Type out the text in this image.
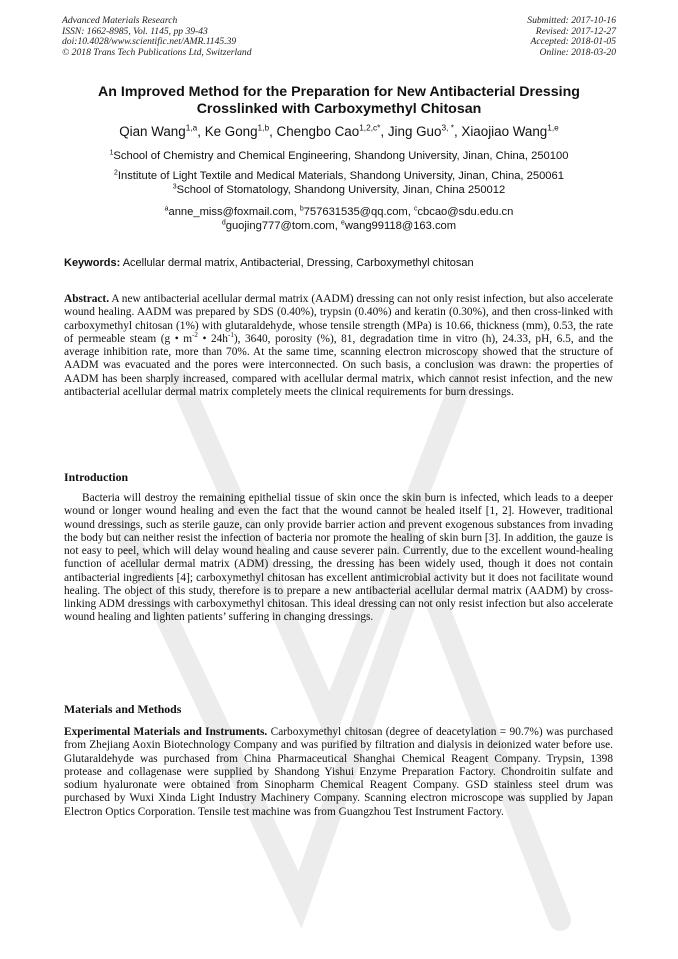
Advanced Materials Research
ISSN: 1662-8985, Vol. 1145, pp 39-43
doi:10.4028/www.scientific.net/AMR.1145.39
© 2018 Trans Tech Publications Ltd, Switzerland
Submitted: 2017-10-16
Revised: 2017-12-27
Accepted: 2018-01-05
Online: 2018-03-20
An Improved Method for the Preparation for New Antibacterial Dressing
Crosslinked with Carboxymethyl Chitosan
Qian Wang$^{1,a}$, Ke Gong$^{1,b}$, Chengbo Cao$^{1,2,c*}$, Jing Guo$^{3, *}$, Xiaojiao Wang$^{1,e}$
$^1$School of Chemistry and Chemical Engineering, Shandong University, Jinan, China, 250100
$^2$Institute of Light Textile and Medical Materials, Shandong University, Jinan, China, 250061
$^3$School of Stomatology, Shandong University, Jinan, China 250012
$^a$anne_miss@foxmail.com, $^b$757631535@qq.com, $^c$cbcao@sdu.edu.cn
$^d$guojing777@tom.com, $^e$wang99118@163.com
Keywords: Acellular dermal matrix, Antibacterial, Dressing, Carboxymethyl chitosan
Abstract. A new antibacterial acellular dermal matrix (AADM) dressing can not only resist infection, but also accelerate wound healing. AADM was prepared by SDS (0.40%), trypsin (0.40%) and keratin (0.30%), and then cross-linked with carboxymethyl chitosan (1%) with glutaraldehyde, whose tensile strength (MPa) is 10.66, thickness (mm), 0.53, the rate of permeable steam (g • $m^{-2}$ • $24h^{-1}$), 3640, porosity (%), 81, degradation time in vitro (h), 24.33, pH, 6.5, and the average inhibition rate, more than 70%. At the same time, scanning electron microscopy showed that the structure of AADM was evacuated and the pores were interconnected. On such basis, a conclusion was drawn: the properties of AADM has been sharply increased, compared with acellular dermal matrix, which cannot resist infection, and the new antibacterial acellular dermal matrix completely meets the clinical requirements for burn dressings.
Introduction
Bacteria will destroy the remaining epithelial tissue of skin once the skin burn is infected, which leads to a deeper wound or longer wound healing and even the fact that the wound cannot be healed itself [1, 2]. However, traditional wound dressings, such as sterile gauze, can only provide barrier action and prevent exogenous substances from invading the body but can neither resist the infection of bacteria nor promote the healing of skin burn [3]. In addition, the gauze is not easy to peel, which will delay wound healing and cause severer pain. Currently, due to the excellent wound-healing function of acellular dermal matrix (ADM) dressing, the dressing has been widely used, though it does not contain antibacterial ingredients [4]; carboxymethyl chitosan has excellent antimicrobial activity but it does not facilitate wound healing. The object of this study, therefore is to prepare a new antibacterial acellular dermal matrix (AADM) by cross-linking ADM dressings with carboxymethyl chitosan. This ideal dressing can not only resist infection but also accelerate wound healing and lighten patients’ suffering in changing dressings.
Materials and Methods
Experimental Materials and Instruments. Carboxymethyl chitosan (degree of deacetylation = 90.7%) was purchased from Zhejiang Aoxin Biotechnology Company and was purified by filtration and dialysis in deionized water before use. Glutaraldehyde was purchased from China Pharmaceutical Shanghai Chemical Reagent Company. Trypsin, 1398 protease and collagenase were supplied by Shandong Yishui Enzyme Preparation Factory. Chondroitin sulfate and sodium hyaluronate were obtained from Sinopharm Chemical Reagent Company. GSD stainless steel drum was purchased by Wuxi Xinda Light Industry Machinery Company. Scanning electron microscope was supplied by Japan Electron Optics Corporation. Tensile test machine was from Guangzhou Test Instrument Factory.
